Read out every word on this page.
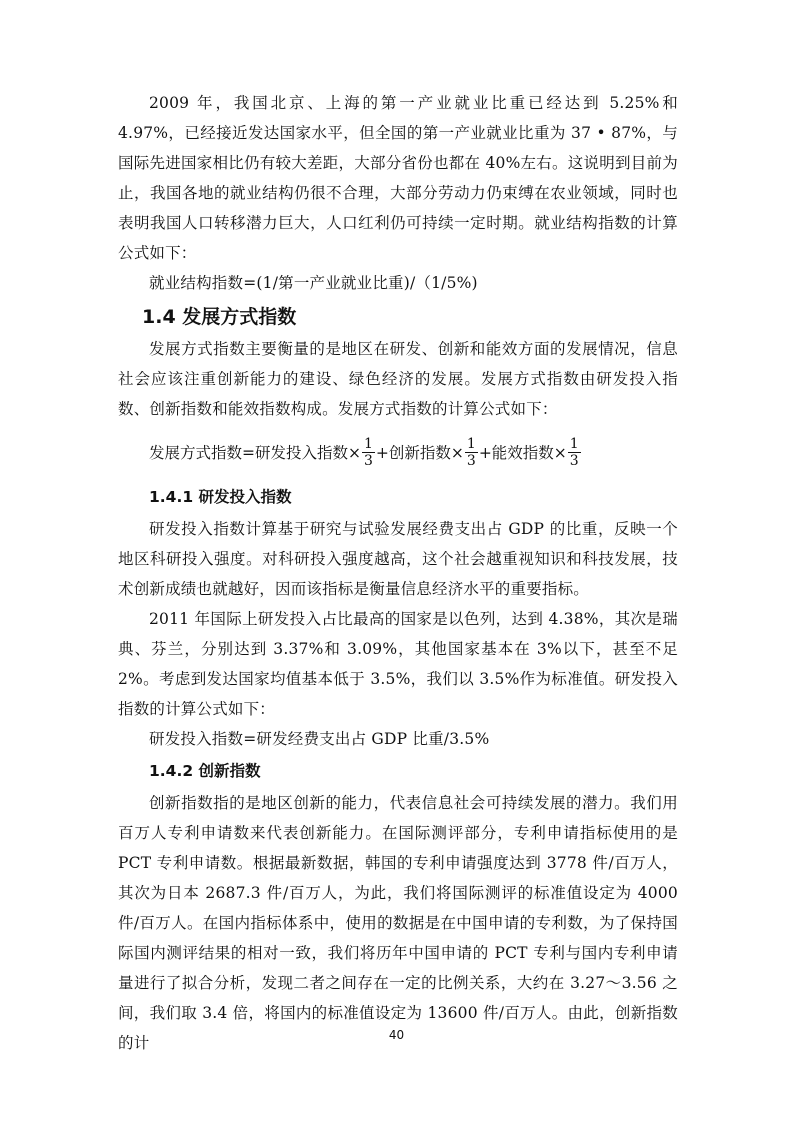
2009 年，我国北京、上海的第一产业就业比重已经达到 5.25%和 4.97%，已经接近发达国家水平，但全国的第一产业就业比重为 37 • 87%，与国际先进国家相比仍有较大差距，大部分省份也都在 40%左右。这说明到目前为止，我国各地的就业结构仍很不合理，大部分劳动力仍束缚在农业领域，同时也表明我国人口转移潜力巨大，人口红利仍可持续一定时期。就业结构指数的计算公式如下：

就业结构指数=(1/第一产业就业比重)/（1/5%)

1.4 发展方式指数

发展方式指数主要衡量的是地区在研发、创新和能效方面的发展情况，信息社会应该注重创新能力的建设、绿色经济的发展。发展方式指数由研发投入指数、创新指数和能效指数构成。发展方式指数的计算公式如下：

发展方式指数=研发投入指数× $\frac{1}{3}$ +创新指数× $\frac{1}{3}$ +能效指数× $\frac{1}{3}$
1.4.1 研发投入指数

研发投入指数计算基于研究与试验发展经费支出占 GDP 的比重，反映一个地区科研投入强度。对科研投入强度越高，这个社会越重视知识和科技发展，技术创新成绩也就越好，因而该指标是衡量信息经济水平的重要指标。

2011 年国际上研发投入占比最高的国家是以色列，达到 4.38%，其次是瑞典、芬兰，分别达到 3.37%和 3.09%，其他国家基本在 3%以下，甚至不足 2%。考虑到发达国家均值基本低于 3.5%，我们以 3.5%作为标准值。研发投入指数的计算公式如下：

研发投入指数=研发经费支出占 GDP 比重/3.5%

1.4.2 创新指数

创新指数指的是地区创新的能力，代表信息社会可持续发展的潜力。我们用百万人专利申请数来代表创新能力。在国际测评部分，专利申请指标使用的是PCT 专利申请数。根据最新数据，韩国的专利申请强度达到 3778 件/百万人，其次为日本 2687.3 件/百万人，为此，我们将国际测评的标准值设定为 4000 件/百万人。在国内指标体系中，使用的数据是在中国申请的专利数，为了保持国际国内测评结果的相对一致，我们将历年中国申请的 PCT 专利与国内专利申请量进行了拟合分析，发现二者之间存在一定的比例关系，大约在 3.27～3.56 之间，我们取 3.4 倍，将国内的标准值设定为 13600 件/百万人。由此，创新指数的计	40
